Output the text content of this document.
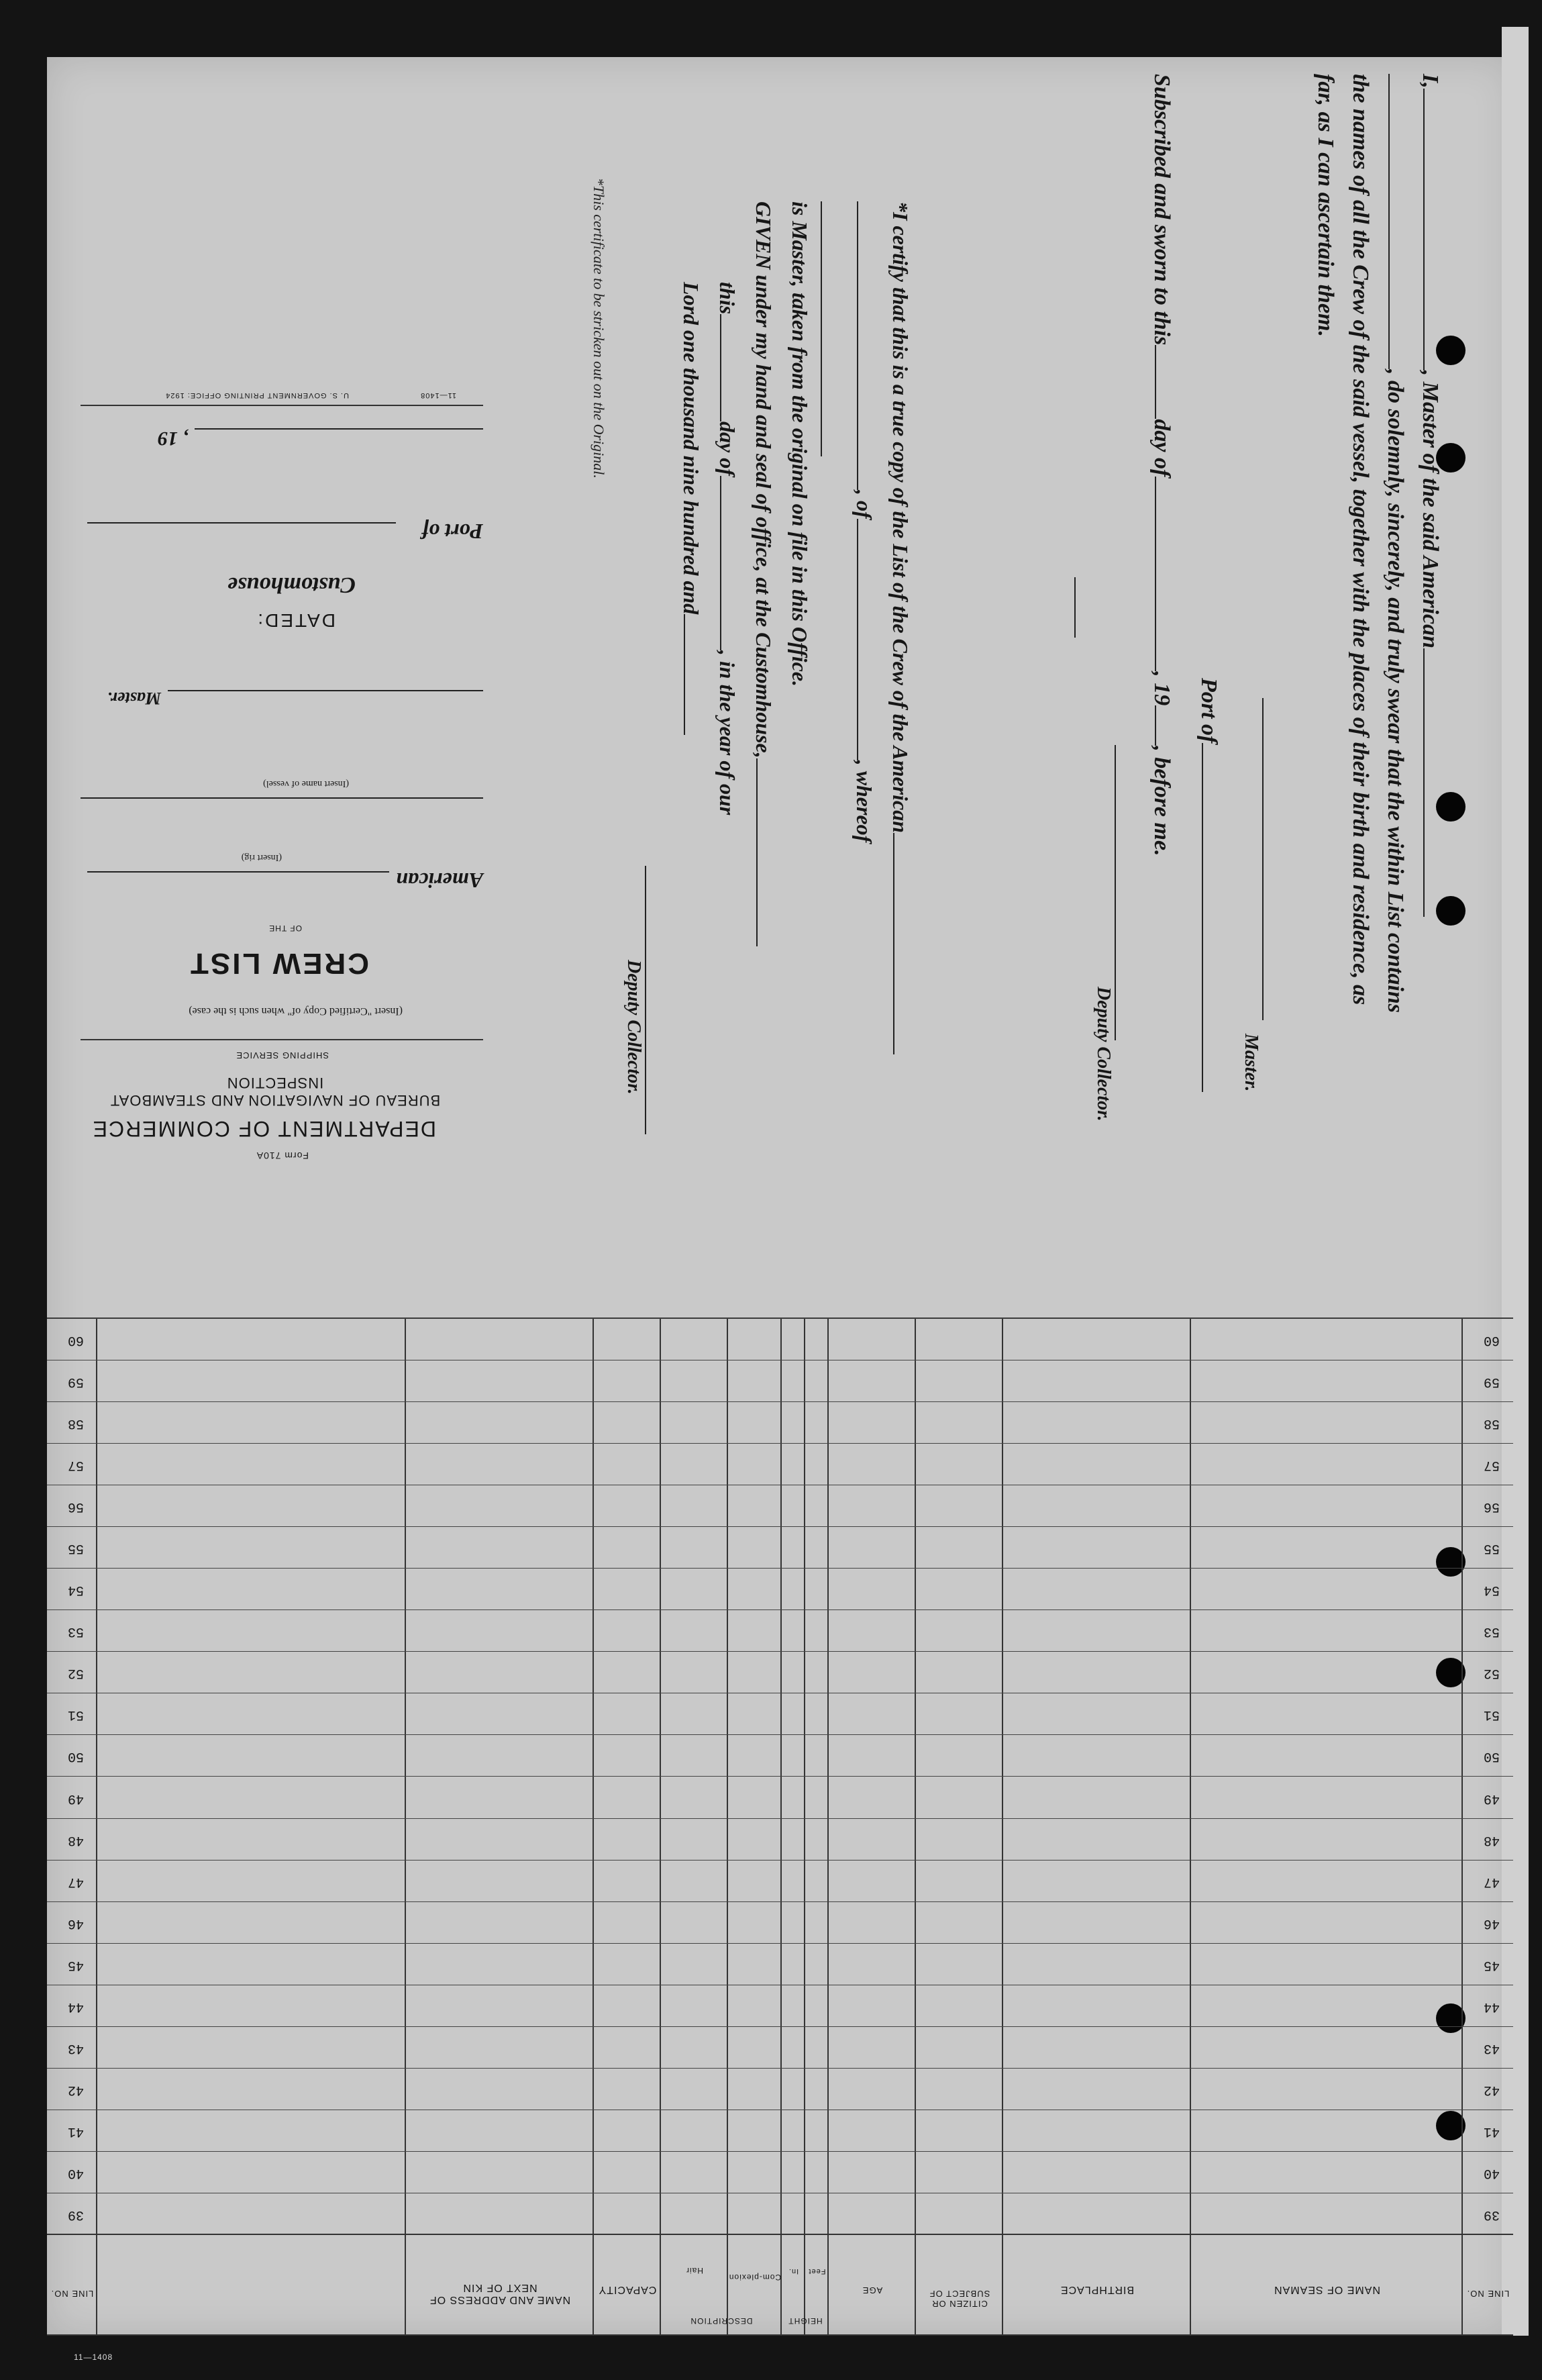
LINE NO.
NAME OF SEAMAN
BIRTHPLACE
CITIZEN OR SUBJECT OF
AGE
HEIGHT
Feet
In.
DESCRIPTION
Com-plexion
Hair
CAPACITY
NAME AND ADDRESS OF NEXT OF KIN
LINE NO.
39
39
40
40
41
41
42
42
43
43
44
44
45
45
46
46
47
47
48
48
49
49
50
50
51
51
52
52
53
53
54
54
55
55
56
56
57
57
58
58
59
59
60
60
I,, Master of the said American
, do solemnly, sincerely, and truly swear that the within List contains
the names of all the Crew of the said vessel, together with the places of their birth and residence, as
far, as I can ascertain them.
Master.
Port of
Subscribed and sworn to thisday of, 19, before me.
Deputy Collector.
*I certify that this is a true copy of the List of the Crew of the American
, of, whereof
is Master, taken from the original on file in this Office.
GIVEN under my hand and seal of office, at the Customhouse,
thisday of, in the year of our
Lord one thousand nine hundred and
Deputy Collector.
*This certificate to be stricken out on the Original.
Form 710A
DEPARTMENT OF COMMERCE
BUREAU OF NAVIGATION AND STEAMBOAT INSPECTION
SHIPPING SERVICE
(Insert "Certified Copy of" when such is the case)
CREW LIST
OF THE
American
(Insert rig)
(Insert name of vessel)
Master.
DATED:
Customhouse
Port of
, 19
U. S. GOVERNMENT PRINTING OFFICE: 1924	11—1408
11—1408
